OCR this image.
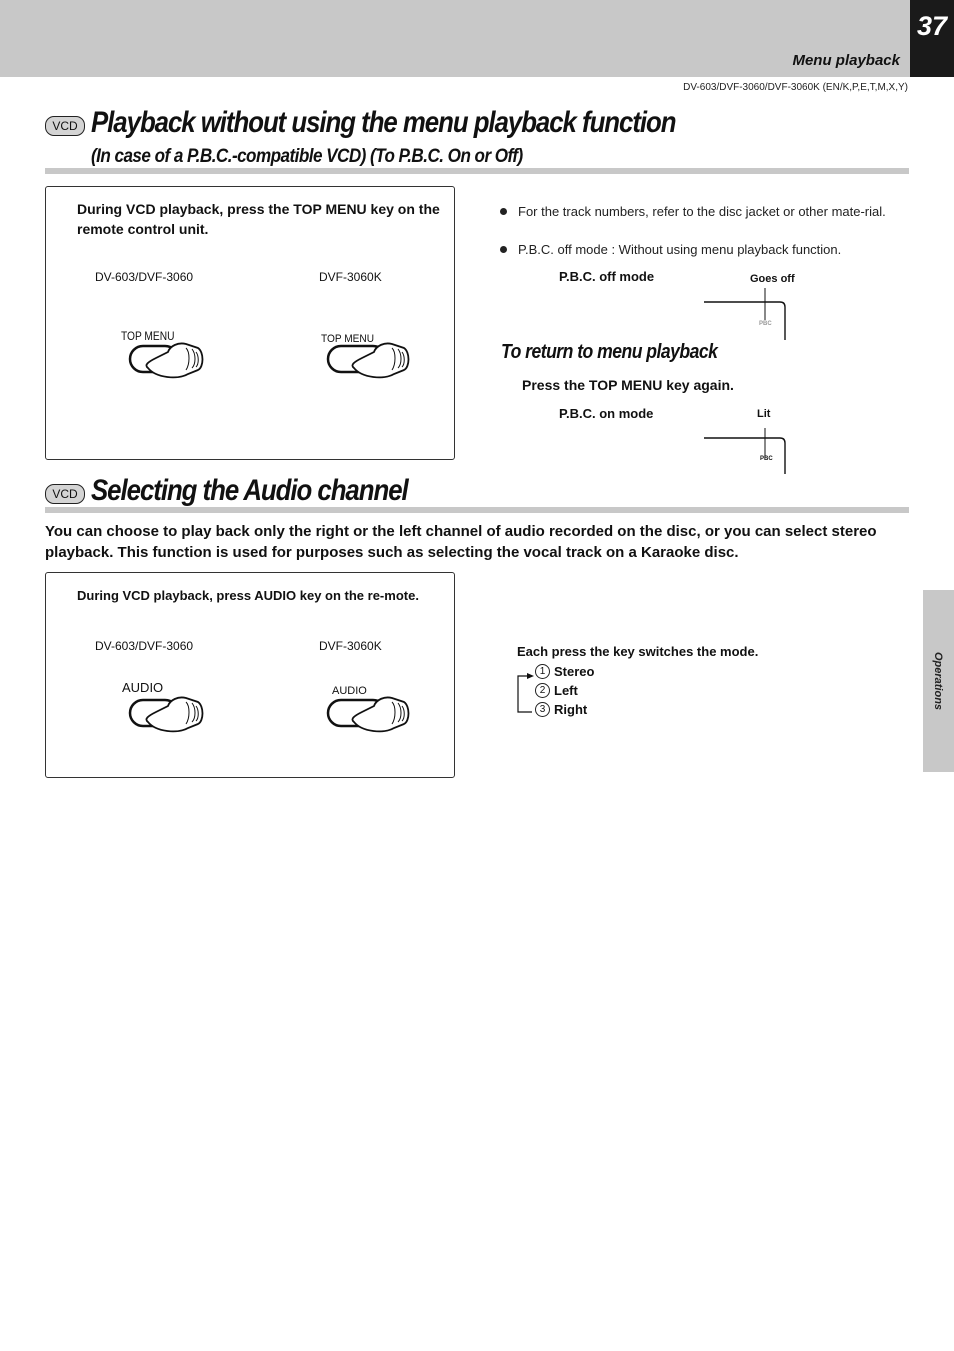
37
Menu playback
DV-603/DVF-3060/DVF-3060K (EN/K,P,E,T,M,X,Y)
Operations
VCD Playback without using the menu playback function
(In case of a P.B.C.-compatible VCD) (To P.B.C. On or Off)
During VCD playback, press the TOP MENU key on the remote control unit.
DV-603/DVF-3060	DVF-3060K
TOP MENU	TOP MENU
For the track numbers, refer to the disc jacket or other mate-rial.
P.B.C. off mode : Without using menu playback function.
P.B.C. off mode	Goes off
PBC
To return to menu playback
Press the TOP MENU key again.
P.B.C. on mode	Lit
PBC
VCD Selecting the Audio channel
You can choose to play back only the right or the left channel of audio recorded on the disc, or you can select stereo playback. This function is used for purposes such as selecting the vocal track on a Karaoke disc.
During VCD playback, press AUDIO key on the re-mote.
DV-603/DVF-3060	DVF-3060K
AUDIO	AUDIO
Each press the key switches the mode.
1 Stereo
2 Left
3 Right
